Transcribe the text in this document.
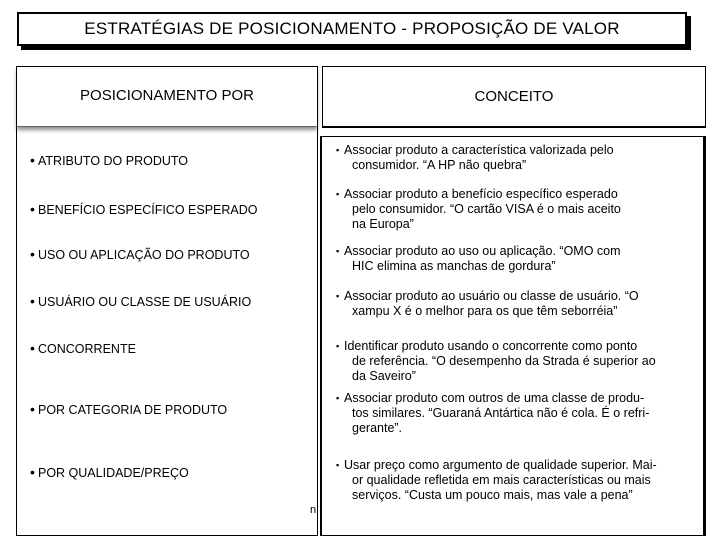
ESTRATÉGIAS DE POSICIONAMENTO - PROPOSIÇÃO DE VALOR
POSICIONAMENTO POR	CONCEITO
• ATRIBUTO DO PRODUTO
• BENEFÍCIO ESPECÍFICO ESPERADO
• USO OU APLICAÇÃO DO PRODUTO
• USUÁRIO OU CLASSE DE USUÁRIO
• CONCORRENTE
• POR CATEGORIA DE PRODUTO
• POR QUALIDADE/PREÇO
▪ Associar produto a característica valorizada pelo
consumidor. “A HP não quebra”
▪ Associar produto a benefício específico esperado
pelo consumidor. “O cartão VISA é o mais aceito
na Europa”
▪ Associar produto ao uso ou aplicação. “OMO com
HIC elimina as manchas de gordura”
▪ Associar produto ao usuário ou classe de usuário. “O
xampu X é o melhor para os que têm seborréia”
▪ Identificar produto usando o concorrente como ponto
de referência. “O desempenho da Strada é superior ao
da Saveiro”
▪ Associar produto com outros de uma classe de produ-
tos similares. “Guaraná Antártica não é cola. É o refri-
gerante”.
▪ Usar preço como argumento de qualidade superior. Mai-
or qualidade refletida em mais características ou mais
serviços. “Custa um pouco mais, mas vale a pena”
n
